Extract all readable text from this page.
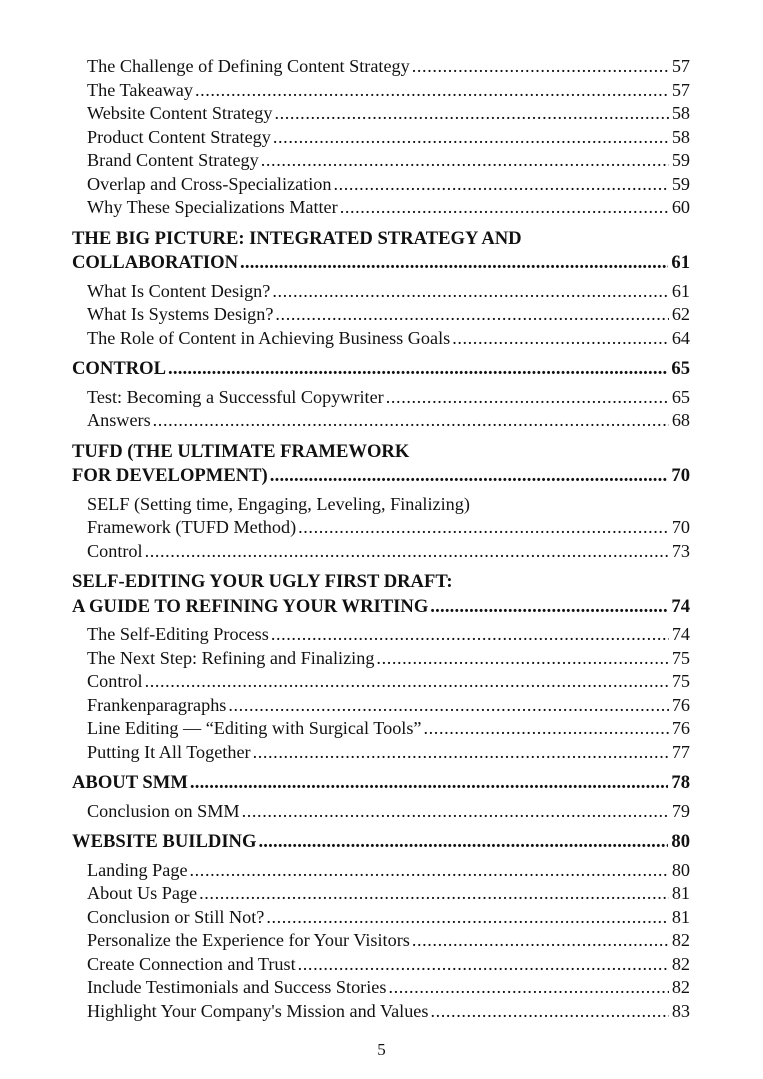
The Challenge of Defining Content Strategy .....	57
The Takeaway .....	57
Website Content Strategy .....	58
Product Content Strategy .....	58
Brand Content Strategy .....	59
Overlap and Cross-Specialization .....	59
Why These Specializations Matter .....	60
THE BIG PICTURE: INTEGRATED STRATEGY AND
COLLABORATION .....	61
What Is Content Design? .....	61
What Is Systems Design? .....	62
The Role of Content in Achieving Business Goals .....	64
CONTROL .....	65
Test: Becoming a Successful Copywriter .....	65
Answers .....	68
TUFD (THE ULTIMATE FRAMEWORK
FOR DEVELOPMENT) .....	70
SELF (Setting time, Engaging, Leveling, Finalizing)
Framework (TUFD Method) .....	70
Control .....	73
SELF-EDITING YOUR UGLY FIRST DRAFT:
A GUIDE TO REFINING YOUR WRITING .....	74
The Self-Editing Process .....	74
The Next Step: Refining and Finalizing .....	75
Control .....	75
Frankenparagraphs .....	76
Line Editing — “Editing with Surgical Tools” .....	76
Putting It All Together .....	77
ABOUT SMM .....	78
Conclusion on SMM .....	79
WEBSITE BUILDING .....	80
Landing Page .....	80
About Us Page .....	81
Conclusion or Still Not? .....	81
Personalize the Experience for Your Visitors .....	82
Create Connection and Trust .....	82
Include Testimonials and Success Stories .....	82
Highlight Your Company's Mission and Values .....	83
5
